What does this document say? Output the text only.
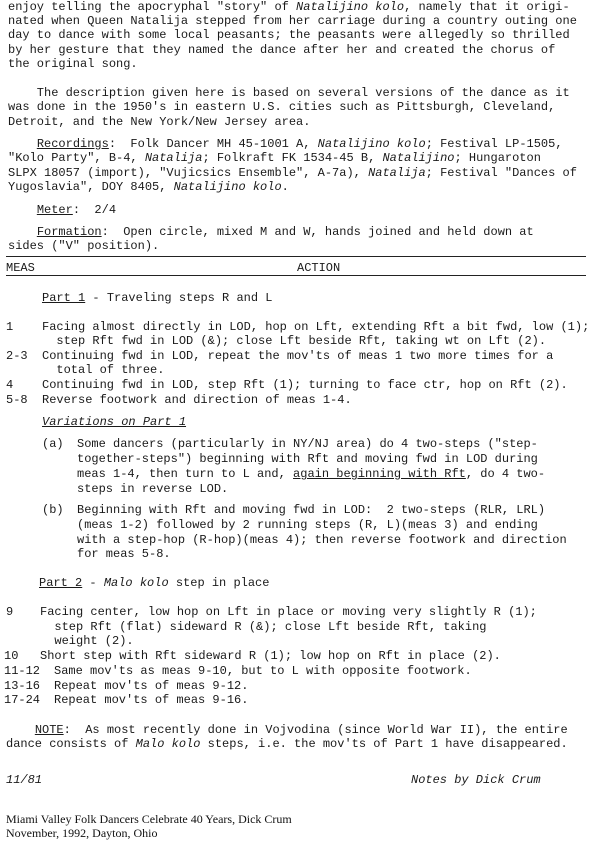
enjoy telling the apocryphal "story" of Natalijino kolo, namely that it origi-
nated when Queen Natalija stepped from her carriage during a country outing one
day to dance with some local peasants; the peasants were allegedly so thrilled
by her gesture that they named the dance after her and created the chorus of
the original song.
The description given here is based on several versions of the dance as it
was done in the 1950's in eastern U.S. cities such as Pittsburgh, Cleveland,
Detroit, and the New York/New Jersey area.
Recordings:  Folk Dancer MH 45-1001 A, Natalijino kolo; Festival LP-1505,
"Kolo Party", B-4, Natalija; Folkraft FK 1534-45 B, Natalijino; Hungaroton
SLPX 18057 (import), "Vujicsics Ensemble", A-7a), Natalija; Festival "Dances of
Yugoslavia", DOY 8405, Natalijino kolo.
Meter:  2/4
Formation:  Open circle, mixed M and W, hands joined and held down at
sides ("V" position).
MEAS	ACTION
Part 1 - Traveling steps R and L
1 Facing almost directly in LOD, hop on Lft, extending Rft a bit fwd, low (1);
step Rft fwd in LOD (&); close Lft beside Rft, taking wt on Lft (2).
2-3 Continuing fwd in LOD, repeat the mov'ts of meas 1 two more times for a
total of three.
4 Continuing fwd in LOD, step Rft (1); turning to face ctr, hop on Rft (2).
5-8 Reverse footwork and direction of meas 1-4.
Variations on Part 1
(a) Some dancers (particularly in NY/NJ area) do 4 two-steps ("step-
together-steps") beginning with Rft and moving fwd in LOD during
meas 1-4, then turn to L and, again beginning with Rft, do 4 two-
steps in reverse LOD.
(b) Beginning with Rft and moving fwd in LOD:  2 two-steps (RLR, LRL)
(meas 1-2) followed by 2 running steps (R, L)(meas 3) and ending
with a step-hop (R-hop)(meas 4); then reverse footwork and direction
for meas 5-8.
Part 2 - Malo kolo step in place
9 Facing center, low hop on Lft in place or moving very slightly R (1);
step Rft (flat) sideward R (&); close Lft beside Rft, taking
weight (2).
10 Short step with Rft sideward R (1); low hop on Rft in place (2).
11-12 Same mov'ts as meas 9-10, but to L with opposite footwork.
13-16 Repeat mov'ts of meas 9-12.
17-24 Repeat mov'ts of meas 9-16.
NOTE:  As most recently done in Vojvodina (since World War II), the entire
dance consists of Malo kolo steps, i.e. the mov'ts of Part 1 have disappeared.
11/81	Notes by Dick Crum
Miami Valley Folk Dancers Celebrate 40 Years, Dick Crum
November, 1992, Dayton, Ohio
